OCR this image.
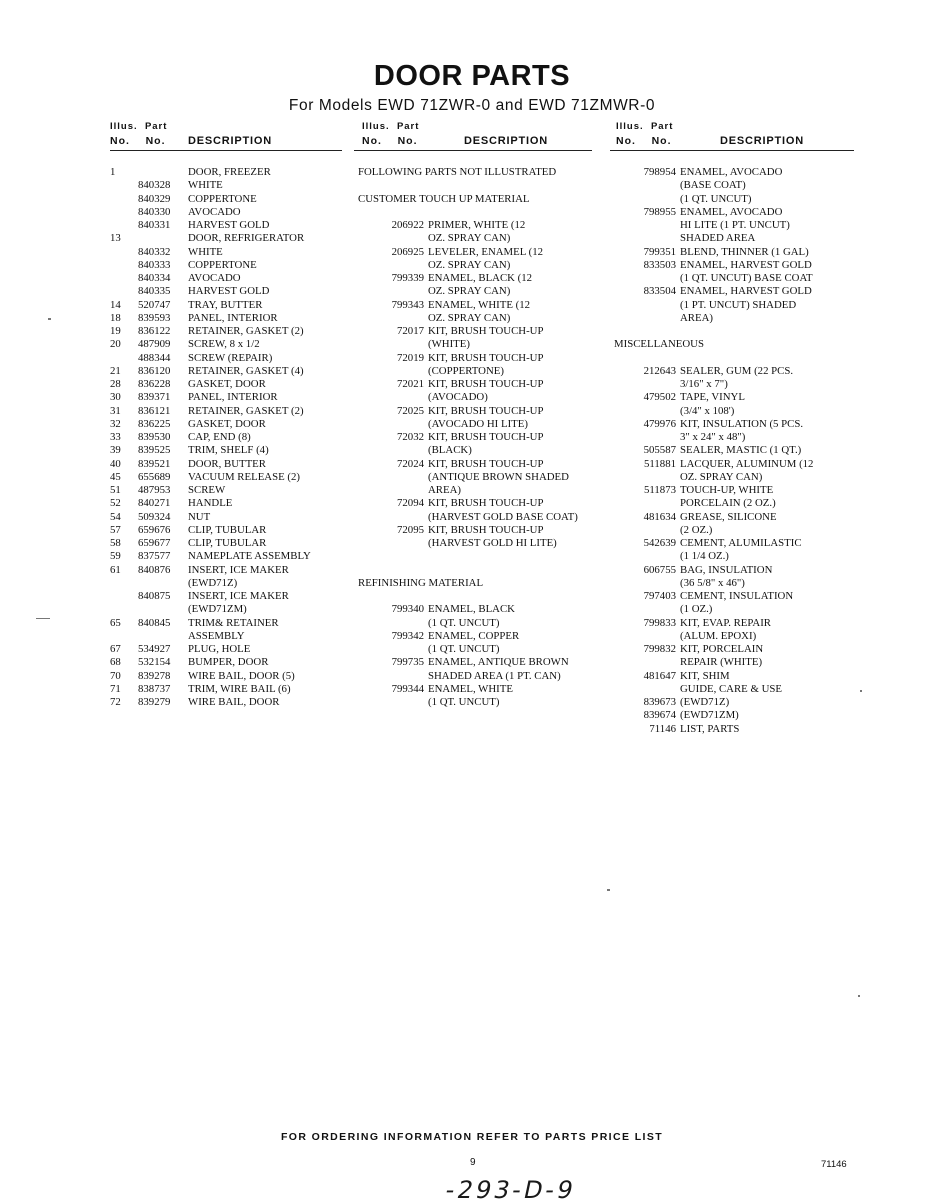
DOOR PARTS
For Models EWD 71ZWR-0 and EWD 71ZMWR-0
Illus. Part
No. No. DESCRIPTION
1	DOOR, FREEZER
840328	WHITE
840329	COPPERTONE
840330	AVOCADO
840331	HARVEST GOLD
13	DOOR, REFRIGERATOR
840332	WHITE
840333	COPPERTONE
840334	AVOCADO
840335	HARVEST GOLD
14	520747	TRAY, BUTTER
18	839593	PANEL, INTERIOR
19	836122	RETAINER, GASKET (2)
20	487909	SCREW, 8 x 1/2
488344	SCREW (REPAIR)
21	836120	RETAINER, GASKET (4)
28	836228	GASKET, DOOR
30	839371	PANEL, INTERIOR
31	836121	RETAINER, GASKET (2)
32	836225	GASKET, DOOR
33	839530	CAP, END (8)
39	839525	TRIM, SHELF (4)
40	839521	DOOR, BUTTER
45	655689	VACUUM RELEASE (2)
51	487953	SCREW
52	840271	HANDLE
54	509324	NUT
57	659676	CLIP, TUBULAR
58	659677	CLIP, TUBULAR
59	837577	NAMEPLATE ASSEMBLY
61	840876	INSERT, ICE MAKER
(EWD71Z)
840875	INSERT, ICE MAKER
(EWD71ZM)
65	840845	TRIM& RETAINER
ASSEMBLY
67	534927	PLUG, HOLE
68	532154	BUMPER, DOOR
70	839278	WIRE BAIL, DOOR (5)
71	838737	TRIM, WIRE BAIL (6)
72	839279	WIRE BAIL, DOOR
Illus. Part
No. No.	DESCRIPTION
FOLLOWING PARTS NOT ILLUSTRATED

CUSTOMER TOUCH UP MATERIAL

206922 PRIMER, WHITE (12
OZ. SPRAY CAN)
206925 LEVELER, ENAMEL (12
OZ. SPRAY CAN)
799339 ENAMEL, BLACK (12
OZ. SPRAY CAN)
799343 ENAMEL, WHITE (12
OZ. SPRAY CAN)
72017 KIT, BRUSH TOUCH-UP
(WHITE)
72019 KIT, BRUSH TOUCH-UP
(COPPERTONE)
72021 KIT, BRUSH TOUCH-UP
(AVOCADO)
72025 KIT, BRUSH TOUCH-UP
(AVOCADO HI LITE)
72032 KIT, BRUSH TOUCH-UP
(BLACK)
72024 KIT, BRUSH TOUCH-UP
(ANTIQUE BROWN SHADED
AREA)
72094 KIT, BRUSH TOUCH-UP
(HARVEST GOLD BASE COAT)
72095 KIT, BRUSH TOUCH-UP
(HARVEST GOLD HI LITE)

REFINISHING MATERIAL

799340 ENAMEL, BLACK
(1 QT. UNCUT)
799342 ENAMEL, COPPER
(1 QT. UNCUT)
799735 ENAMEL, ANTIQUE BROWN
SHADED AREA (1 PT. CAN)
799344 ENAMEL, WHITE
(1 QT. UNCUT)
Illus. Part
No. No.	DESCRIPTION
798954 ENAMEL, AVOCADO
(BASE COAT)
(1 QT. UNCUT)
798955 ENAMEL, AVOCADO
HI LITE (1 PT. UNCUT)
SHADED AREA
799351 BLEND, THINNER (1 GAL)
833503 ENAMEL, HARVEST GOLD
(1 QT. UNCUT) BASE COAT
833504 ENAMEL, HARVEST GOLD
(1 PT. UNCUT) SHADED
AREA)

MISCELLANEOUS

212643 SEALER, GUM (22 PCS.
3/16" x 7")
479502 TAPE, VINYL
(3/4" x 108')
479976 KIT, INSULATION (5 PCS.
3" x 24" x 48")
505587 SEALER, MASTIC (1 QT.)
511881 LACQUER, ALUMINUM (12
OZ. SPRAY CAN)
511873 TOUCH-UP, WHITE
PORCELAIN (2 OZ.)
481634 GREASE, SILICONE
(2 OZ.)
542639 CEMENT, ALUMILASTIC
(1 1/4 OZ.)
606755 BAG, INSULATION
(36 5/8" x 46")
797403 CEMENT, INSULATION
(1 OZ.)
799833 KIT, EVAP. REPAIR
(ALUM. EPOXI)
799832 KIT, PORCELAIN
REPAIR (WHITE)
481647 KIT, SHIM
GUIDE, CARE & USE
839673 (EWD71Z)
839674 (EWD71ZM)
71146 LIST, PARTS
FOR ORDERING INFORMATION REFER TO PARTS PRICE LIST
9	71146
-293-D-9
